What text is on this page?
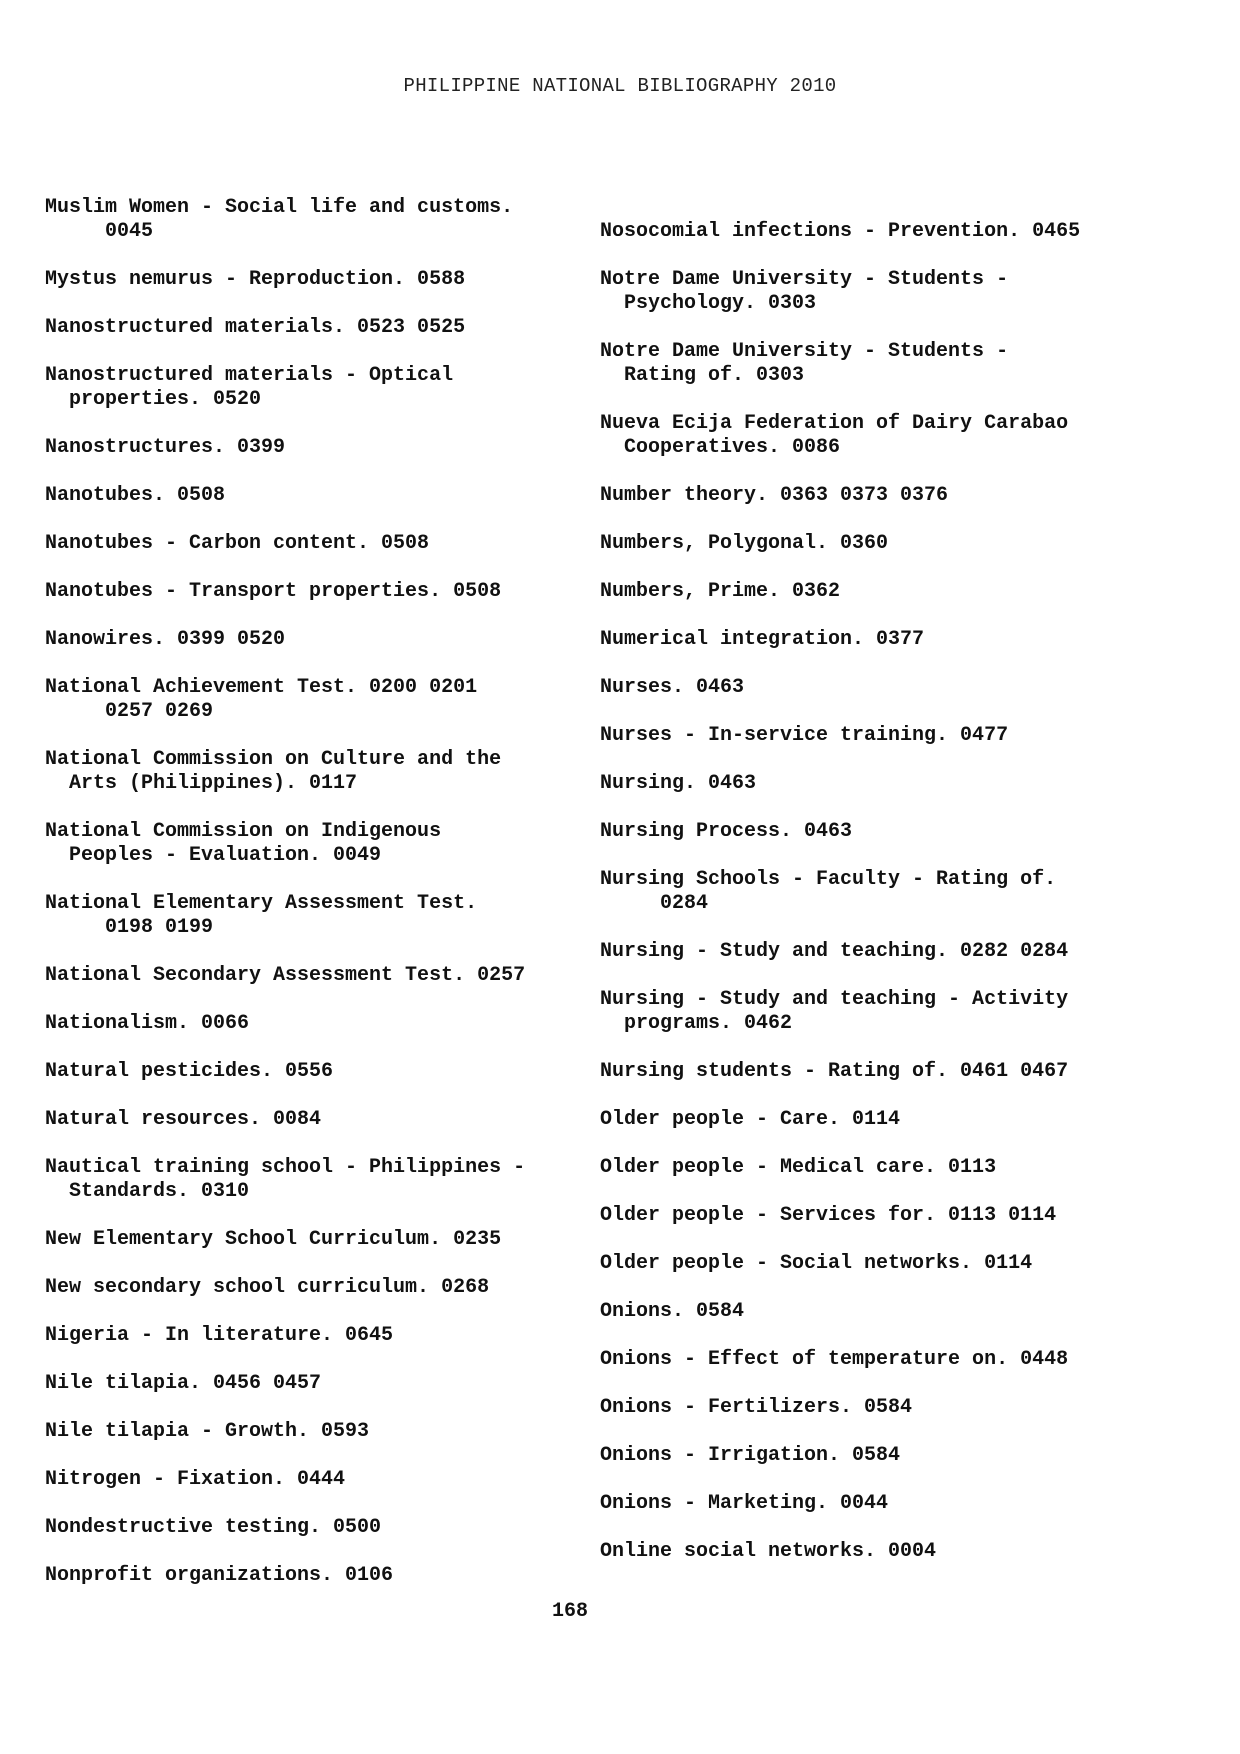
PHILIPPINE NATIONAL BIBLIOGRAPHY 2010
Muslim Women - Social life and customs.
0045
Mystus nemurus - Reproduction. 0588
Nanostructured materials. 0523 0525
Nanostructured materials - Optical
properties. 0520
Nanostructures. 0399
Nanotubes. 0508
Nanotubes - Carbon content. 0508
Nanotubes - Transport properties. 0508
Nanowires. 0399 0520
National Achievement Test. 0200 0201
0257 0269
National Commission on Culture and the
Arts (Philippines). 0117
National Commission on Indigenous
Peoples - Evaluation. 0049
National Elementary Assessment Test.
0198 0199
National Secondary Assessment Test. 0257
Nationalism. 0066
Natural pesticides. 0556
Natural resources. 0084
Nautical training school - Philippines -
Standards. 0310
New Elementary School Curriculum. 0235
New secondary school curriculum. 0268
Nigeria - In literature. 0645
Nile tilapia. 0456 0457
Nile tilapia - Growth. 0593
Nitrogen - Fixation. 0444
Nondestructive testing. 0500
Nonprofit organizations. 0106
Nosocomial infections - Prevention. 0465
Notre Dame University - Students -
Psychology. 0303
Notre Dame University - Students -
Rating of. 0303
Nueva Ecija Federation of Dairy Carabao
Cooperatives. 0086
Number theory. 0363 0373 0376
Numbers, Polygonal. 0360
Numbers, Prime. 0362
Numerical integration. 0377
Nurses. 0463
Nurses - In-service training. 0477
Nursing. 0463
Nursing Process. 0463
Nursing Schools - Faculty - Rating of.
0284
Nursing - Study and teaching. 0282 0284
Nursing - Study and teaching - Activity
programs. 0462
Nursing students - Rating of. 0461 0467
Older people - Care. 0114
Older people - Medical care. 0113
Older people - Services for. 0113 0114
Older people - Social networks. 0114
Onions. 0584
Onions - Effect of temperature on. 0448
Onions - Fertilizers. 0584
Onions - Irrigation. 0584
Onions - Marketing. 0044
Online social networks. 0004
168
